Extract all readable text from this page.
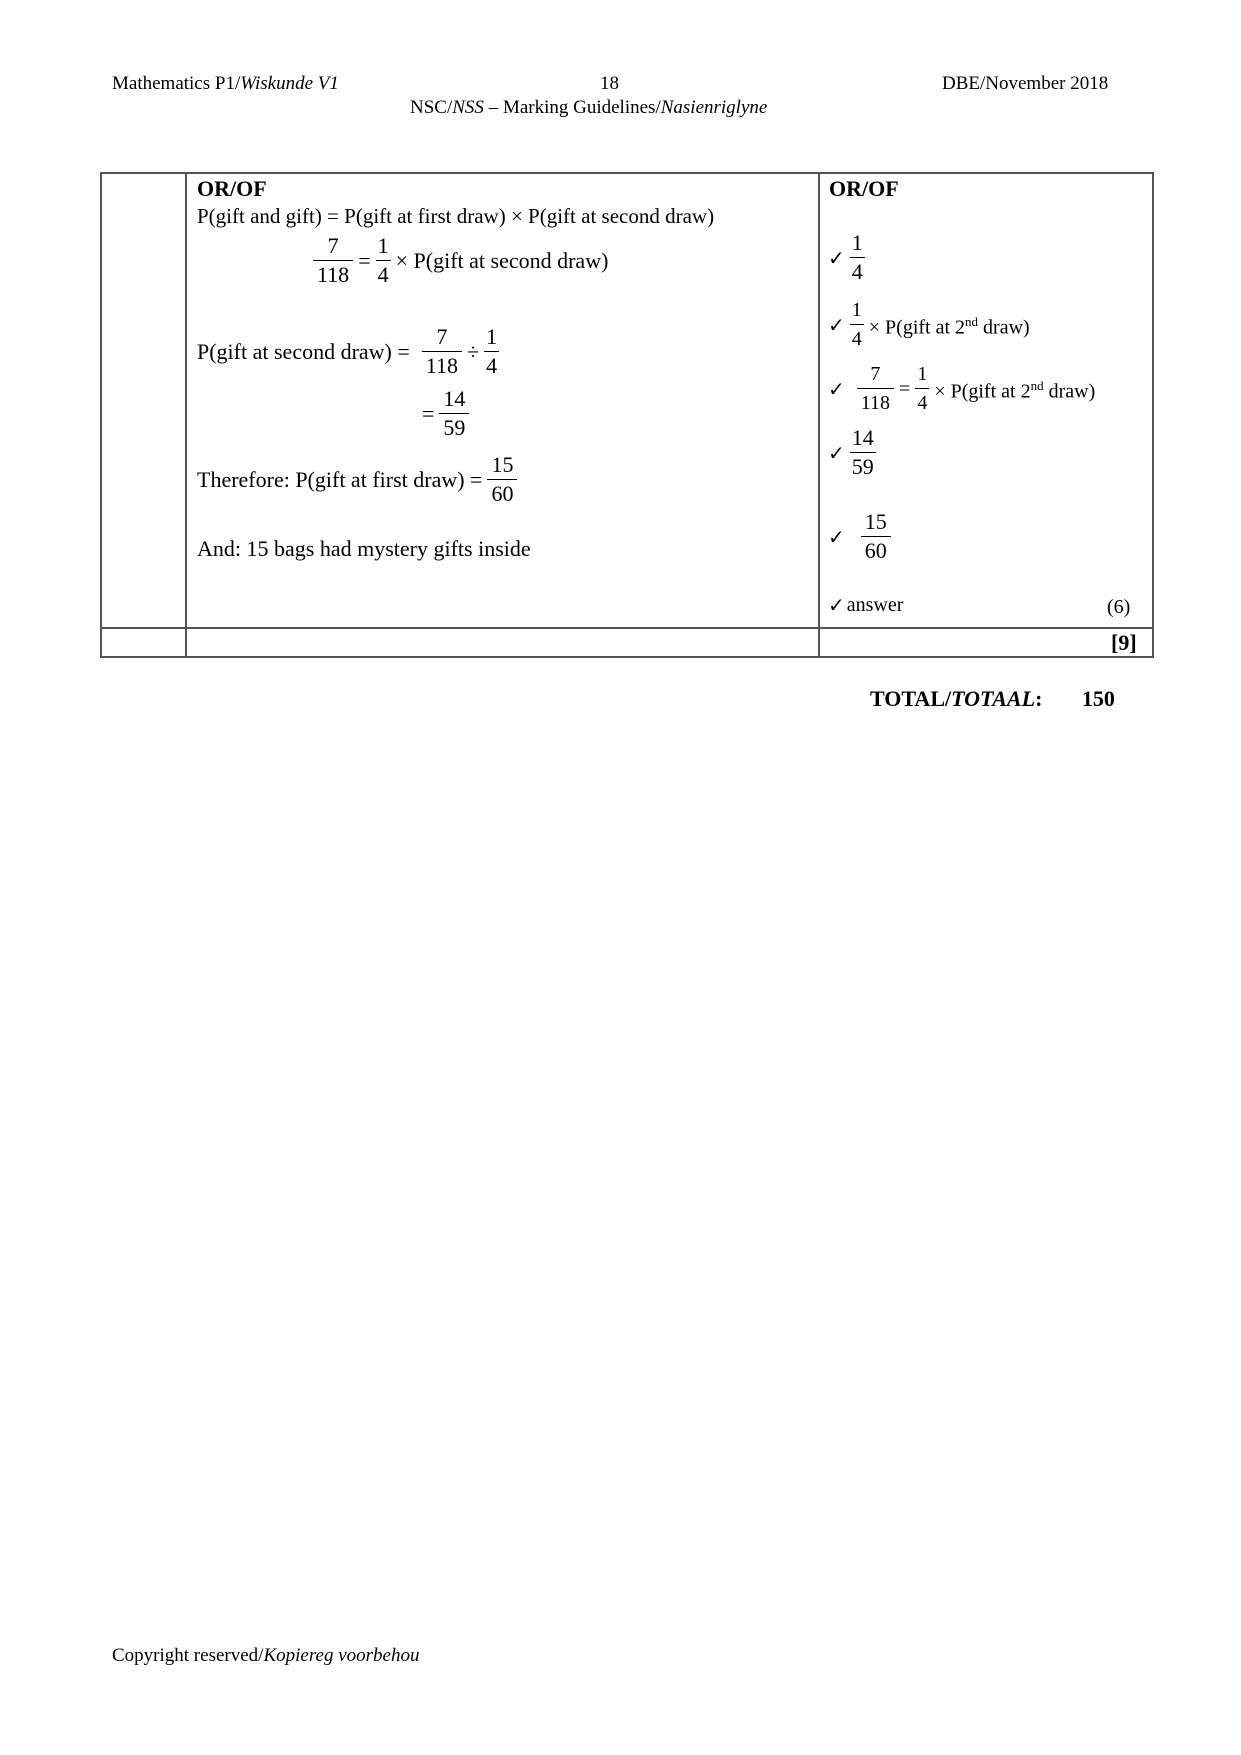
Mathematics P1/Wiskunde V1	18	DBE/November 2018
NSC/NSS – Marking Guidelines/Nasienriglyne
OR/OF
P(gift and gift) = P(gift at first draw) × P(gift at second draw)
$\frac{7}{118} = \frac{1}{4}$ × P(gift at second draw)
P(gift at second draw) = $\frac{7}{118} \div \frac{1}{4}$
= $\frac{14}{59}$
Therefore: P(gift at first draw) = $\frac{15}{60}$
And: 15 bags had mystery gifts inside
OR/OF
✓ $\frac{1}{4}$
✓ $\frac{1}{4}$ × P(gift at 2nd draw)
✓ $\frac{7}{118} = \frac{1}{4}$ × P(gift at 2nd draw)
✓ $\frac{14}{59}$
✓ $\frac{15}{60}$
✓ answer	(6)
[9]
TOTAL/TOTAAL: 150
Copyright reserved/Kopiereg voorbehou
